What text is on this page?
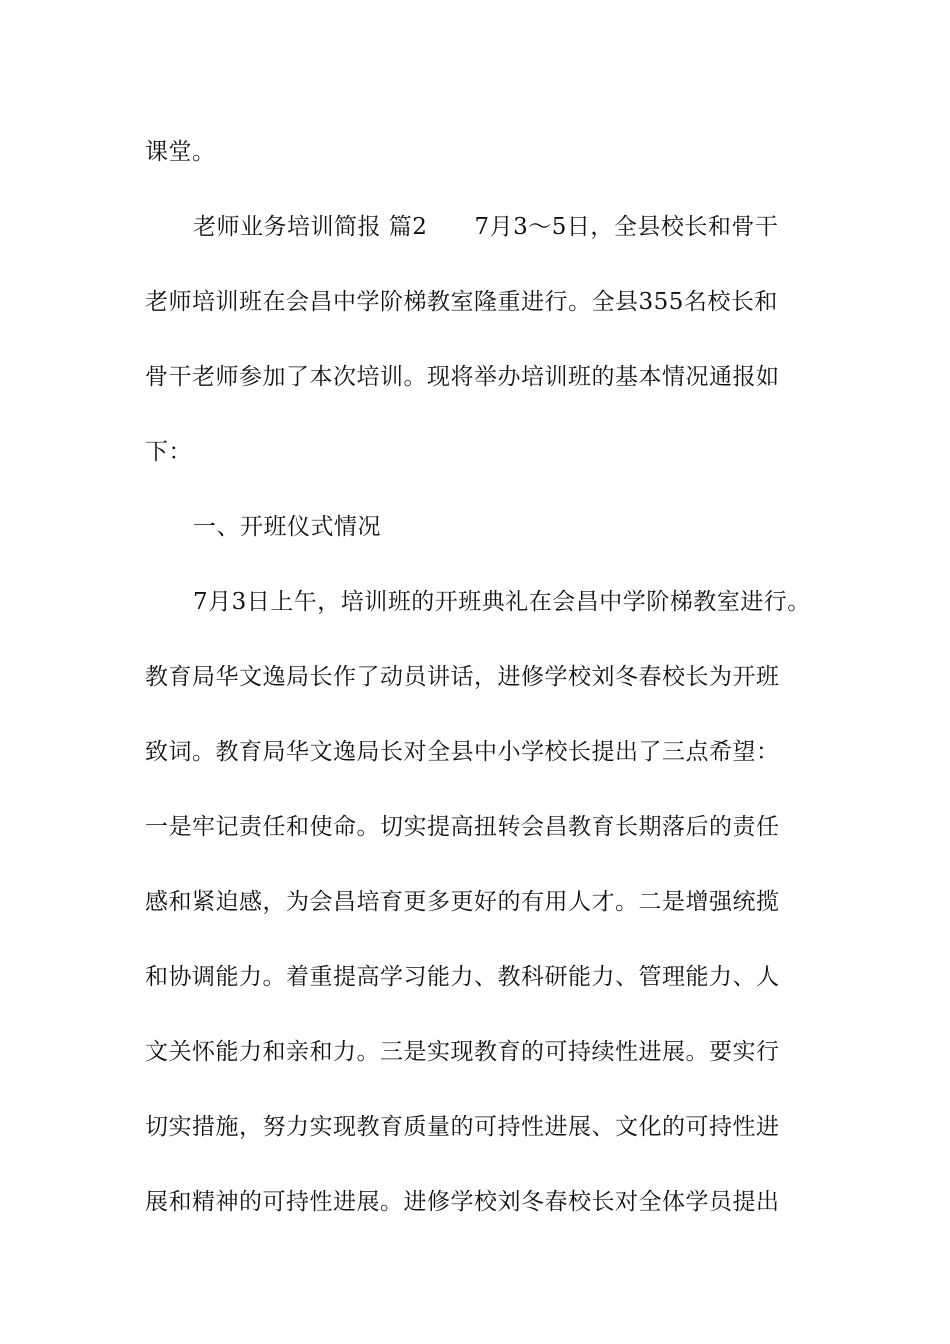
课堂。
老师业务培训简报 篇2　　7月3～5日，全县校长和骨干
老师培训班在会昌中学阶梯教室隆重进行。全县355名校长和
骨干老师参加了本次培训。现将举办培训班的基本情况通报如
下：
一、开班仪式情况
7月3日上午，培训班的开班典礼在会昌中学阶梯教室进行。
教育局华文逸局长作了动员讲话，进修学校刘冬春校长为开班
致词。教育局华文逸局长对全县中小学校长提出了三点希望：
一是牢记责任和使命。切实提高扭转会昌教育长期落后的责任
感和紧迫感，为会昌培育更多更好的有用人才。二是增强统揽
和协调能力。着重提高学习能力、教科研能力、管理能力、人
文关怀能力和亲和力。三是实现教育的可持续性进展。要实行
切实措施，努力实现教育质量的可持性进展、文化的可持性进
展和精神的可持性进展。进修学校刘冬春校长对全体学员提出
